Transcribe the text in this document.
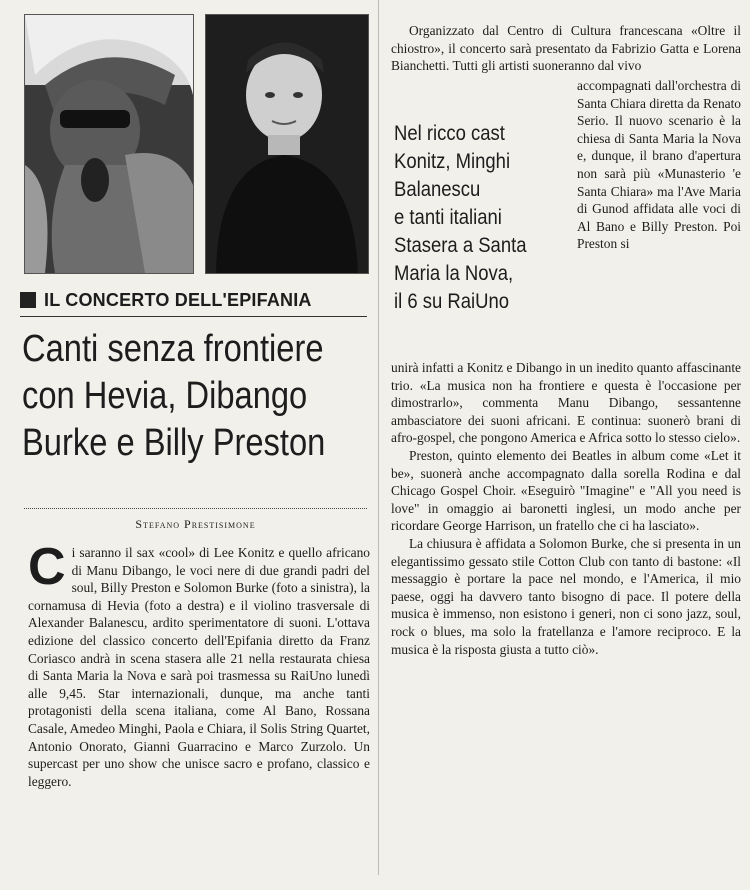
IL CONCERTO DELL'EPIFANIA
Canti senza frontiere
con Hevia, Dibango
Burke e Billy Preston
Stefano Prestisimone
C i saranno il sax «cool» di Lee Konitz e quello africano di Manu Dibango, le voci nere di due grandi padri del soul, Billy Preston e Solomon Burke (foto a sinistra), la cornamusa di Hevia (foto a destra) e il violino trasversale di Alexander Balanescu, ardito sperimentatore di suoni. L'ottava edizione del classico concerto dell'Epifania diretto da Franz Coriasco andrà in scena stasera alle 21 nella restaurata chiesa di Santa Maria la Nova e sarà poi trasmessa su RaiUno lunedì alle 9,45. Star internazionali, dunque, ma anche tanti protagonisti della scena italiana, come Al Bano, Rossana Casale, Amedeo Minghi, Paola e Chiara, il Solis String Quartet, Antonio Onorato, Gianni Guarracino e Marco Zurzolo. Un supercast per uno show che unisce sacro e profano, classico e leggero.

Organizzato dal Centro di Cultura francescana «Oltre il chiostro», il concerto sarà presentato da Fabrizio Gatta e Lorena Bianchetti. Tutti gli artisti suoneranno dal vivo

Nel ricco cast
Konitz, Minghi
Balanescu
e tanti italiani
Stasera a Santa
Maria la Nova,
il 6 su RaiUno

accompagnati dall'orchestra di Santa Chiara diretta da Renato Serio. Il nuovo scenario è la chiesa di Santa Maria la Nova e, dunque, il brano d'apertura non sarà più «Munasterio 'e Santa Chiara» ma l'Ave Maria di Gunod affidata alle voci di Al Bano e Billy Preston. Poi Preston si

unirà infatti a Konitz e Dibango in un inedito quanto affascinante trio. «La musica non ha frontiere e questa è l'occasione per dimostrarlo», commenta Manu Dibango, sessantenne ambasciatore dei suoni africani. E continua: suonerò brani di afro-gospel, che pongono America e Africa sotto lo stesso cielo».

Preston, quinto elemento dei Beatles in album come «Let it be», suonerà anche accompagnato dalla sorella Rodina e dal Chicago Gospel Choir. «Eseguirò "Imagine" e "All you need is love" in omaggio ai baronetti inglesi, un modo anche per ricordare George Harrison, un fratello che ci ha lasciato».

La chiusura è affidata a Solomon Burke, che si presenta in un elegantissimo gessato stile Cotton Club con tanto di bastone: «Il messaggio è portare la pace nel mondo, e l'America, il mio paese, oggi ha davvero tanto bisogno di pace. Il potere della musica è immenso, non esistono i generi, non ci sono jazz, soul, rock o blues, ma solo la fratellanza e l'amore reciproco. E la musica è la risposta giusta a tutto ciò».
